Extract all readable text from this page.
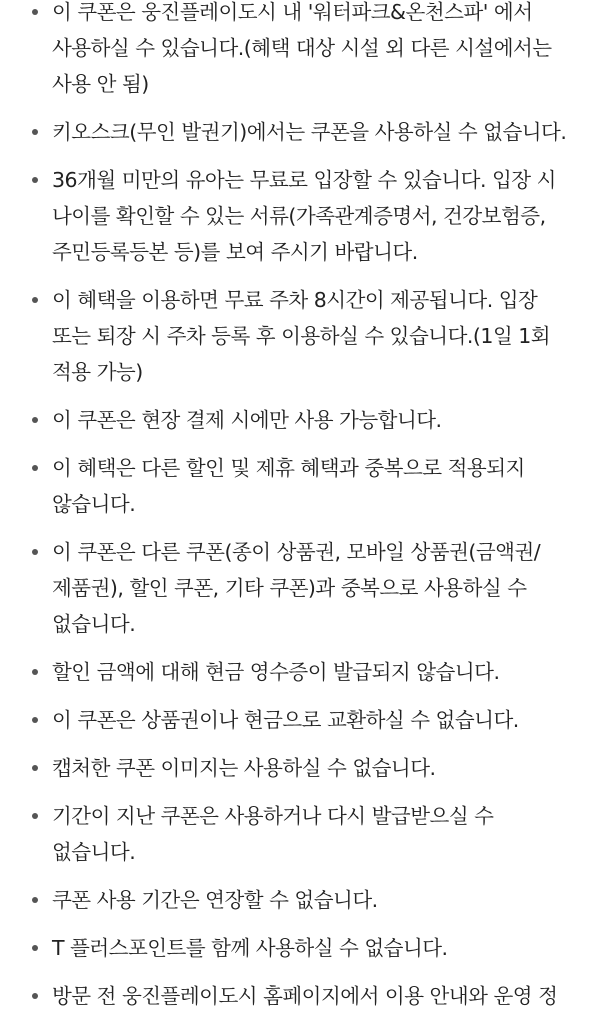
이 쿠폰은 웅진플레이도시 내 '워터파크&온천스파' 에서 사용하실 수 있습니다.(혜택 대상 시설 외 다른 시설에서는 사용 안 됨)
키오스크(무인 발권기)에서는 쿠폰을 사용하실 수 없습니다.
36개월 미만의 유아는 무료로 입장할 수 있습니다. 입장 시 나이를 확인할 수 있는 서류(가족관계증명서, 건강보험증, 주민등록등본 등)를 보여 주시기 바랍니다.
이 혜택을 이용하면 무료 주차 8시간이 제공됩니다. 입장 또는 퇴장 시 주차 등록 후 이용하실 수 있습니다.(1일 1회 적용 가능)
이 쿠폰은 현장 결제 시에만 사용 가능합니다.
이 혜택은 다른 할인 및 제휴 혜택과 중복으로 적용되지 않습니다.
이 쿠폰은 다른 쿠폰(종이 상품권, 모바일 상품권(금액권/제품권), 할인 쿠폰, 기타 쿠폰)과 중복으로 사용하실 수 없습니다.
할인 금액에 대해 현금 영수증이 발급되지 않습니다.
이 쿠폰은 상품권이나 현금으로 교환하실 수 없습니다.
캡처한 쿠폰 이미지는 사용하실 수 없습니다.
기간이 지난 쿠폰은 사용하거나 다시 발급받으실 수 없습니다.
쿠폰 사용 기간은 연장할 수 없습니다.
T 플러스포인트를 함께 사용하실 수 없습니다.
방문 전 웅진플레이도시 홈페이지에서 이용 안내와 운영 정
